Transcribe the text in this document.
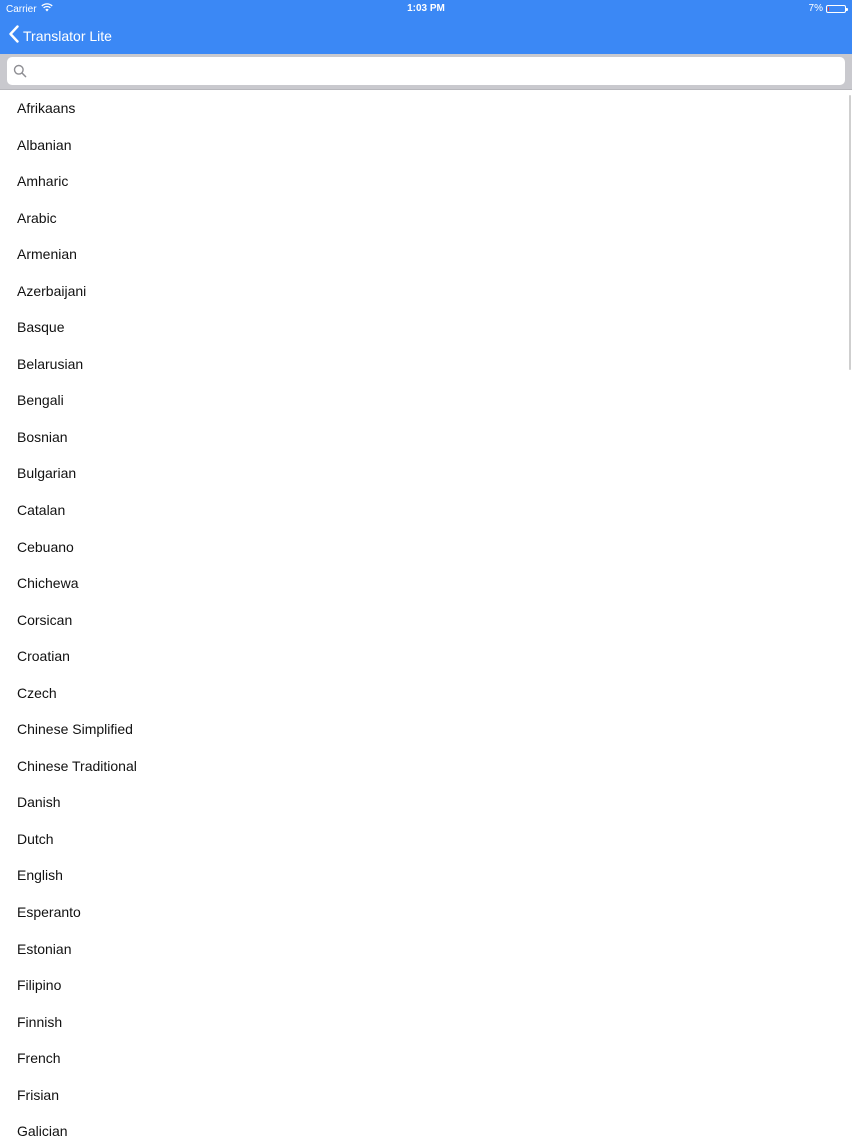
Carrier	1:03 PM	7%
Translator Lite
Afrikaans
Albanian
Amharic
Arabic
Armenian
Azerbaijani
Basque
Belarusian
Bengali
Bosnian
Bulgarian
Catalan
Cebuano
Chichewa
Corsican
Croatian
Czech
Chinese Simplified
Chinese Traditional
Danish
Dutch
English
Esperanto
Estonian
Filipino
Finnish
French
Frisian
Galician
